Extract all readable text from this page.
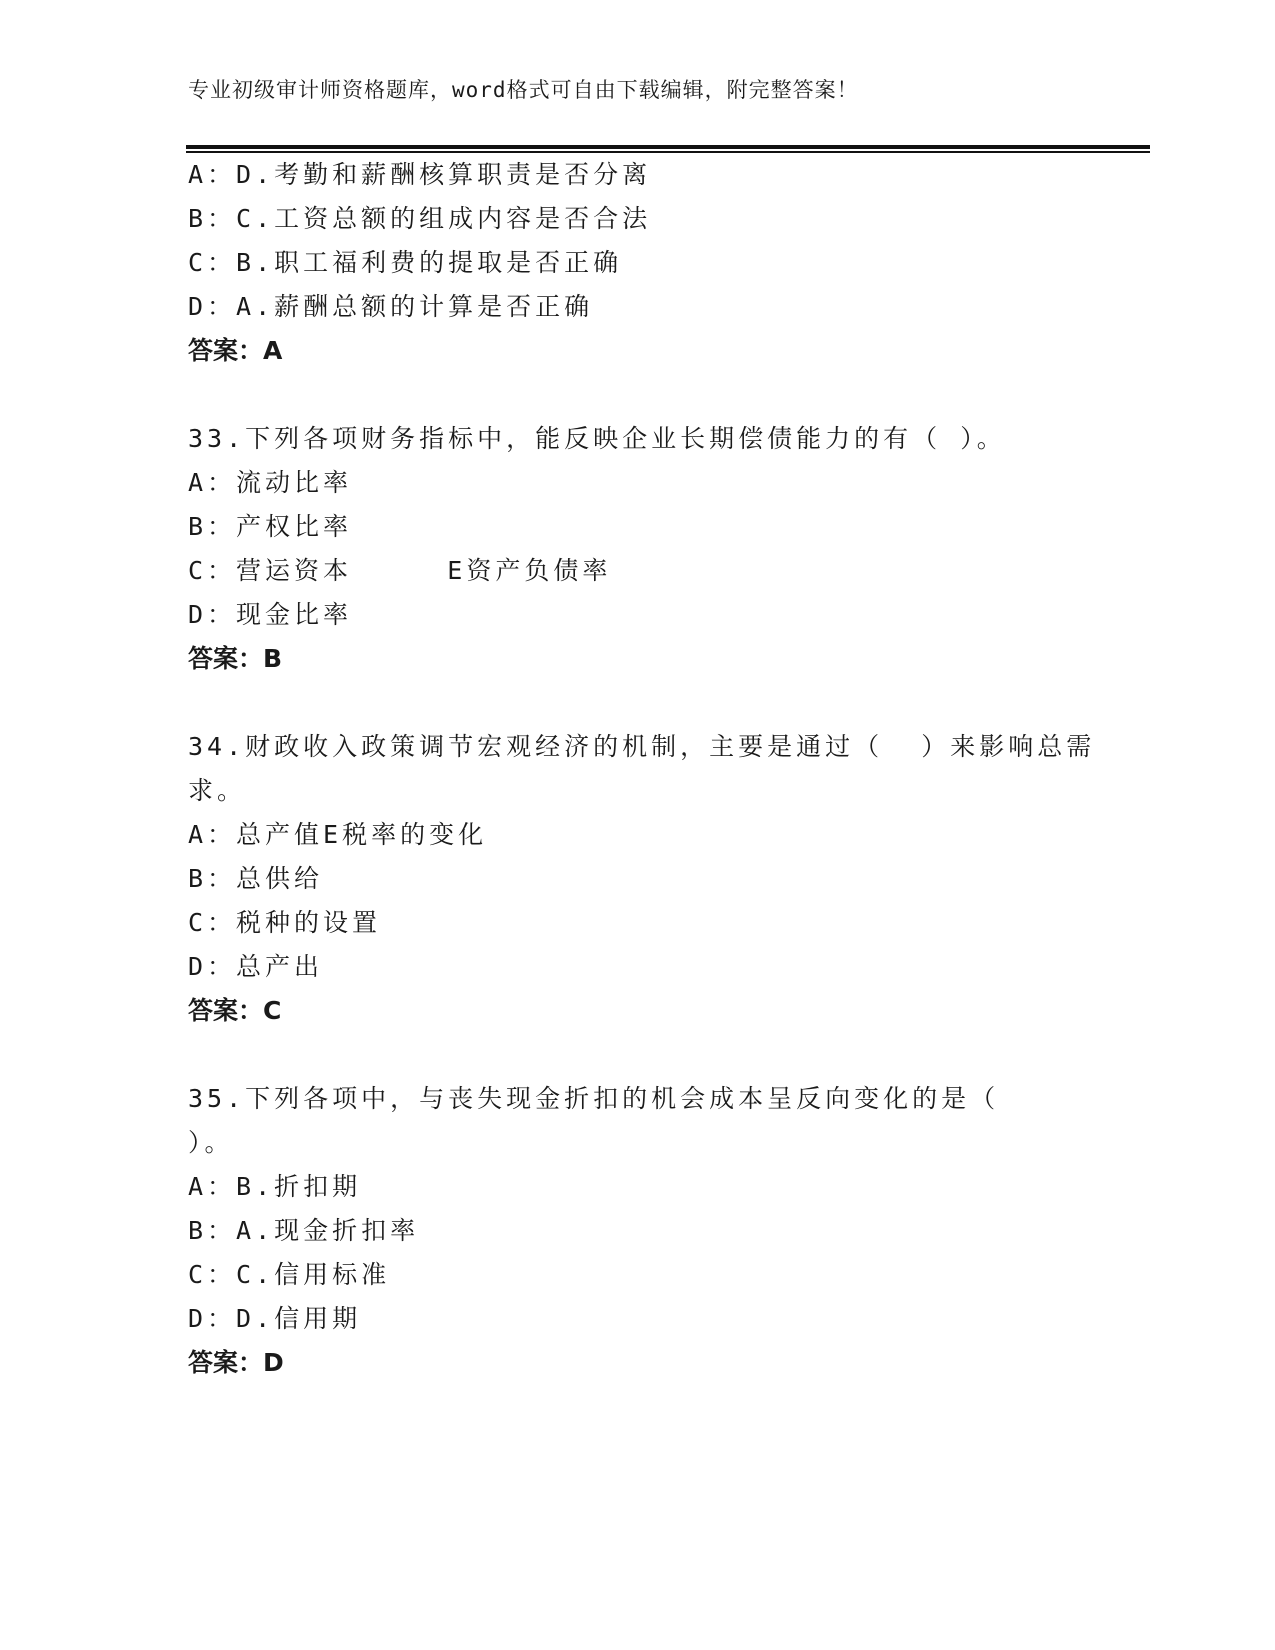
专业初级审计师资格题库，word格式可自由下载编辑，附完整答案！
A：D.考勤和薪酬核算职责是否分离
B：C.工资总额的组成内容是否合法
C：B.职工福利费的提取是否正确
D：A.薪酬总额的计算是否正确
答案：A
33.下列各项财务指标中，能反映企业长期偿债能力的有（ ）。
A：流动比率
B：产权比率
C：营运资本     E资产负债率
D：现金比率
答案：B
34.财政收入政策调节宏观经济的机制，主要是通过（  ）来影响总需
求。
A：总产值E税率的变化
B：总供给
C：税种的设置
D：总产出
答案：C
35.下列各项中，与丧失现金折扣的机会成本呈反向变化的是（
）。
A：B.折扣期
B：A.现金折扣率
C：C.信用标准
D：D.信用期
答案：D
